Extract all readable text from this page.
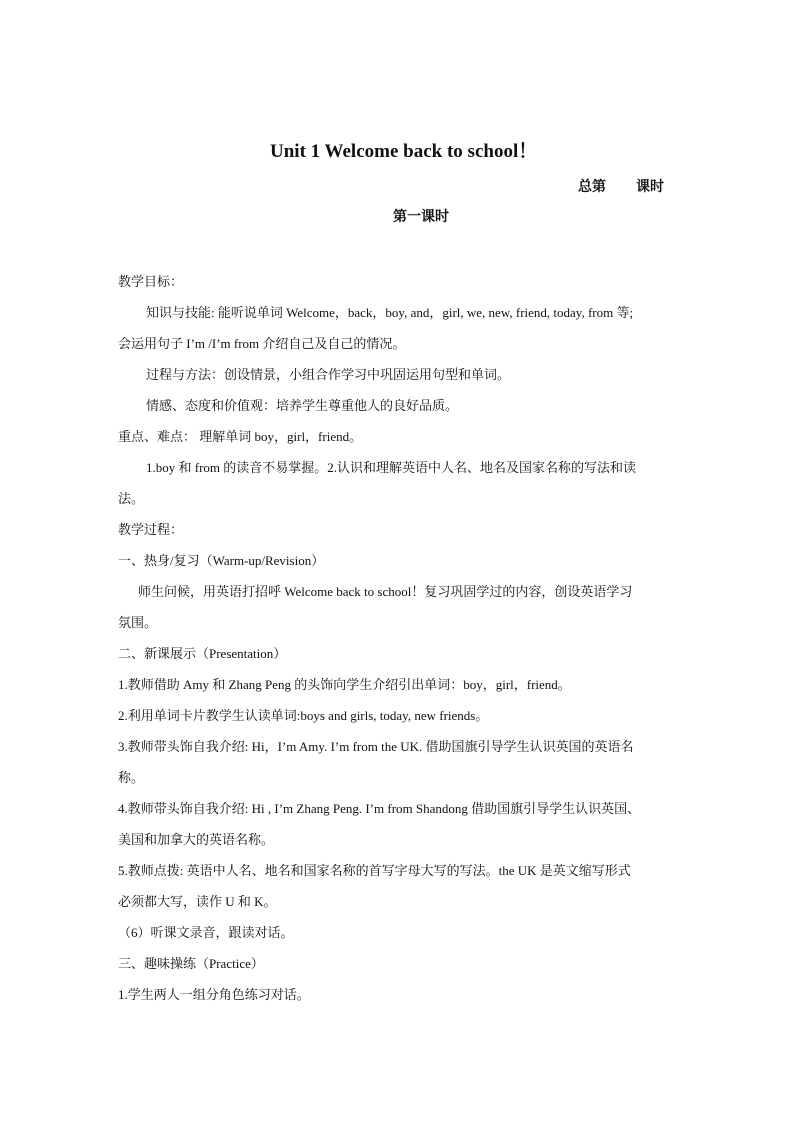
Unit 1 Welcome back to school！
总第 课时
第一课时

教学目标：

知识与技能: 能听说单词 Welcome，back，boy, and，girl, we, new, friend, today, from 等;

会运用句子 I’m /I’m from 介绍自己及自己的情况。

过程与方法：创设情景，小组合作学习中巩固运用句型和单词。

情感、态度和价值观：培养学生尊重他人的良好品质。

重点、难点： 理解单词 boy，girl，friend。

1.boy 和 from 的读音不易掌握。2.认识和理解英语中人名、地名及国家名称的写法和读

法。

教学过程：

一、热身/复习（Warm-up/Revision）

师生问候，用英语打招呼 Welcome back to school！复习巩固学过的内容，创设英语学习

氛围。

二、新课展示（Presentation）

1.教师借助 Amy 和 Zhang Peng 的头饰向学生介绍引出单词：boy，girl，friend。

2.利用单词卡片教学生认读单词:boys and girls, today, new friends。

3.教师带头饰自我介绍: Hi，I’m Amy. I’m from the UK. 借助国旗引导学生认识英国的英语名

称。

4.教师带头饰自我介绍: Hi , I’m Zhang Peng. I’m from Shandong 借助国旗引导学生认识英国、

美国和加拿大的英语名称。

5.教师点拨: 英语中人名、地名和国家名称的首写字母大写的写法。the UK 是英文缩写形式

必须都大写，读作 U 和 K。

（6）听课文录音，跟读对话。

三、趣味操练（Practice）

1.学生两人一组分角色练习对话。
